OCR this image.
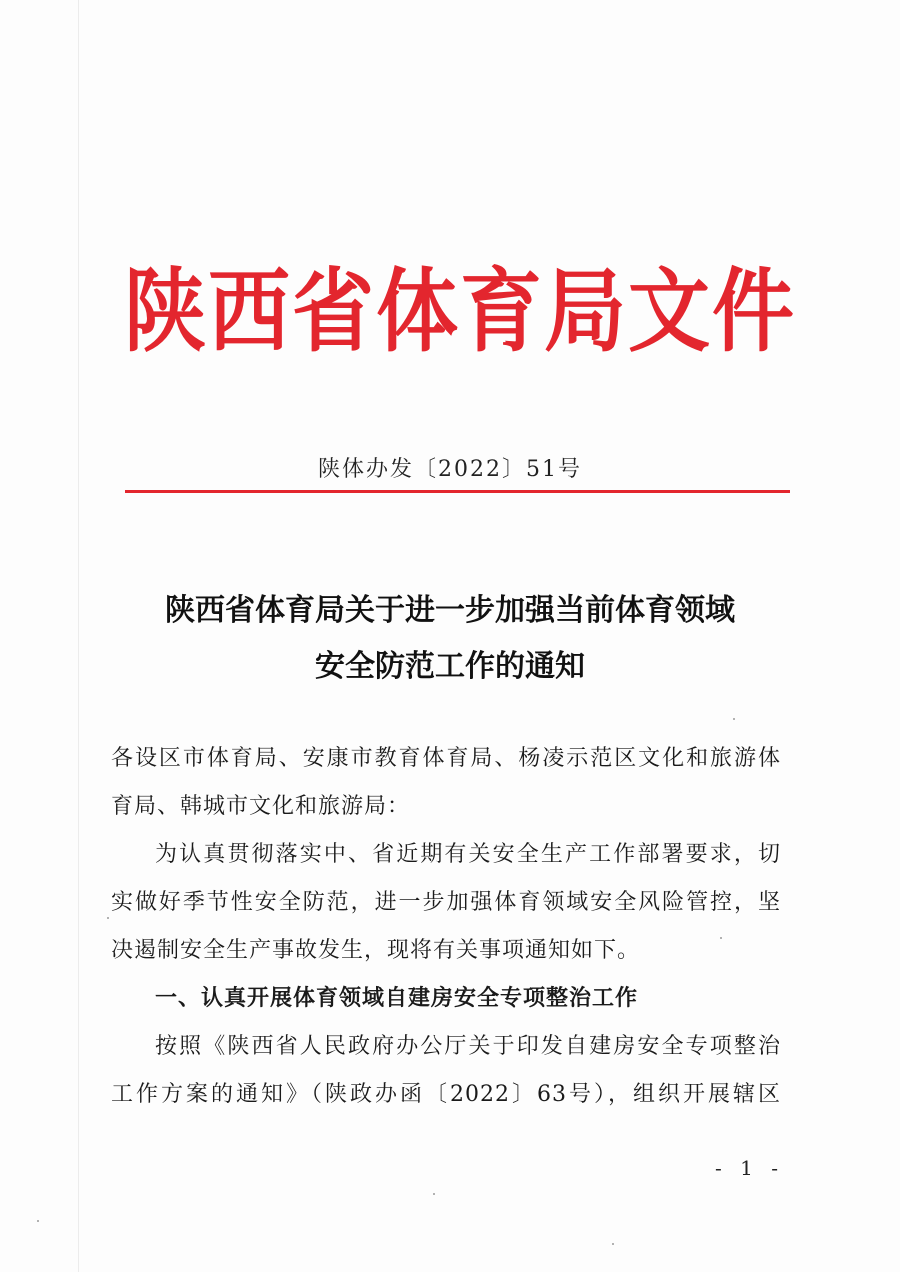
陕西省体育局文件
陕体办发〔2022〕51号
陕西省体育局关于进一步加强当前体育领域
安全防范工作的通知
各设区市体育局、安康市教育体育局、杨凌示范区文化和旅游体
育局、韩城市文化和旅游局：
为认真贯彻落实中、省近期有关安全生产工作部署要求，切
实做好季节性安全防范，进一步加强体育领域安全风险管控，坚
决遏制安全生产事故发生，现将有关事项通知如下。
一、认真开展体育领域自建房安全专项整治工作
按照《陕西省人民政府办公厅关于印发自建房安全专项整治
工作方案的通知》（陕政办函〔2022〕63号），组织开展辖区
- 1 -
